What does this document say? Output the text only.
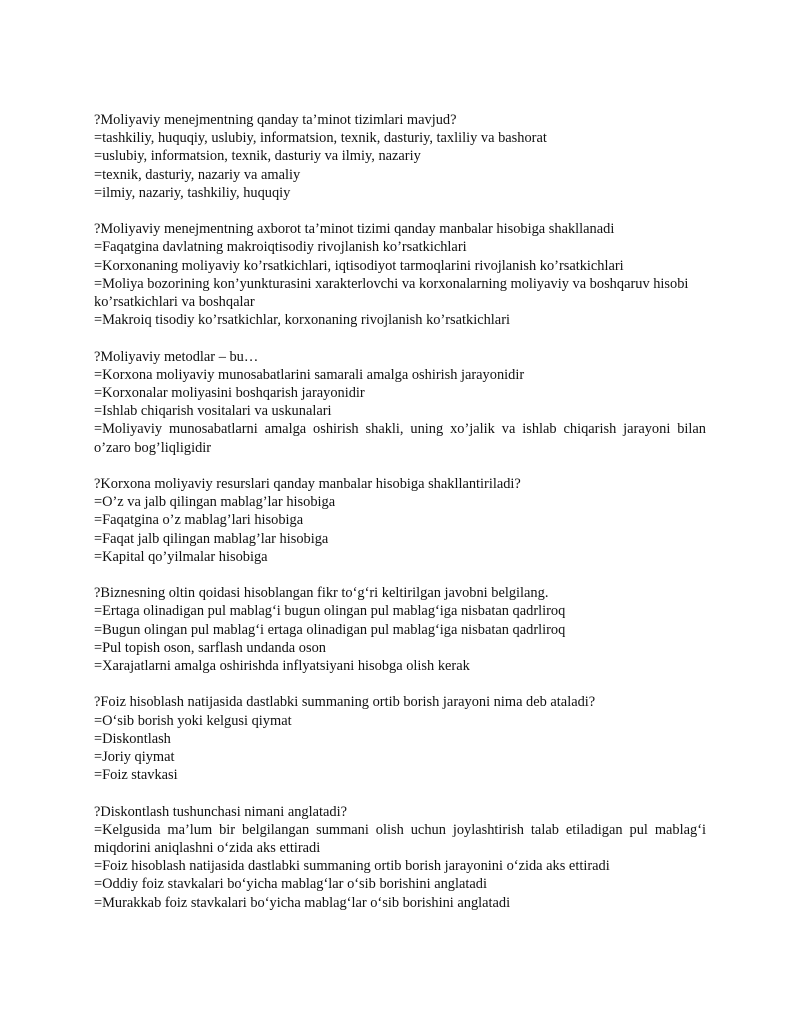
?Moliyaviy menejmentning qanday ta’minot tizimlari mavjud?
=tashkiliy, huquqiy, uslubiy, informatsion, texnik, dasturiy, taxliliy va bashorat
=uslubiy, informatsion, texnik, dasturiy va ilmiy, nazariy
=texnik, dasturiy, nazariy va amaliy
=ilmiy, nazariy, tashkiliy, huquqiy
?Moliyaviy menejmentning axborot ta’minot tizimi qanday manbalar hisobiga shakllanadi
=Faqatgina davlatning makroiqtisodiy rivojlanish ko’rsatkichlari
=Korxonaning moliyaviy ko’rsatkichlari, iqtisodiyot tarmoqlarini rivojlanish ko’rsatkichlari
=Moliya bozorining kon’yunkturasini xarakterlovchi va korxonalarning moliyaviy va boshqaruv hisobi ko’rsatkichlari va boshqalar
=Makroiq tisodiy ko’rsatkichlar, korxonaning rivojlanish ko’rsatkichlari
?Moliyaviy metodlar – bu…
=Korxona moliyaviy munosabatlarini samarali amalga oshirish jarayonidir
=Korxonalar moliyasini boshqarish jarayonidir
=Ishlab chiqarish vositalari va uskunalari
=Moliyaviy munosabatlarni amalga oshirish shakli, uning xo’jalik va ishlab chiqarish jarayoni bilan o’zaro bog’liqligidir
?Korxona moliyaviy resurslari qanday manbalar hisobiga shakllantiriladi?
=O’z va jalb qilingan mablag’lar hisobiga
=Faqatgina o’z mablag’lari hisobiga
=Faqat jalb qilingan mablag’lar hisobiga
=Kapital qo’yilmalar hisobiga
?Biznesning oltin qoidasi hisoblangan fikr to‘g‘ri keltirilgan javobni belgilang.
=Ertaga olinadigan pul mablag‘i bugun olingan pul mablag‘iga nisbatan qadrliroq
=Bugun olingan pul mablag‘i ertaga olinadigan pul mablag‘iga nisbatan qadrliroq
=Pul topish oson, sarflash undanda oson
=Xarajatlarni amalga oshirishda inflyatsiyani hisobga olish kerak
?Foiz hisoblash natijasida dastlabki summaning ortib borish jarayoni nima deb ataladi?
=O‘sib borish yoki kelgusi qiymat
=Diskontlash
=Joriy qiymat
=Foiz stavkasi
?Diskontlash tushunchasi nimani anglatadi?
=Kelgusida ma’lum bir belgilangan summani olish uchun joylashtirish talab etiladigan pul mablag‘i miqdorini aniqlashni o‘zida aks ettiradi
=Foiz hisoblash natijasida dastlabki summaning ortib borish jarayonini o‘zida aks ettiradi
=Oddiy foiz stavkalari bo‘yicha mablag‘lar o‘sib borishini anglatadi
=Murakkab foiz stavkalari bo‘yicha mablag‘lar o‘sib borishini anglatadi
